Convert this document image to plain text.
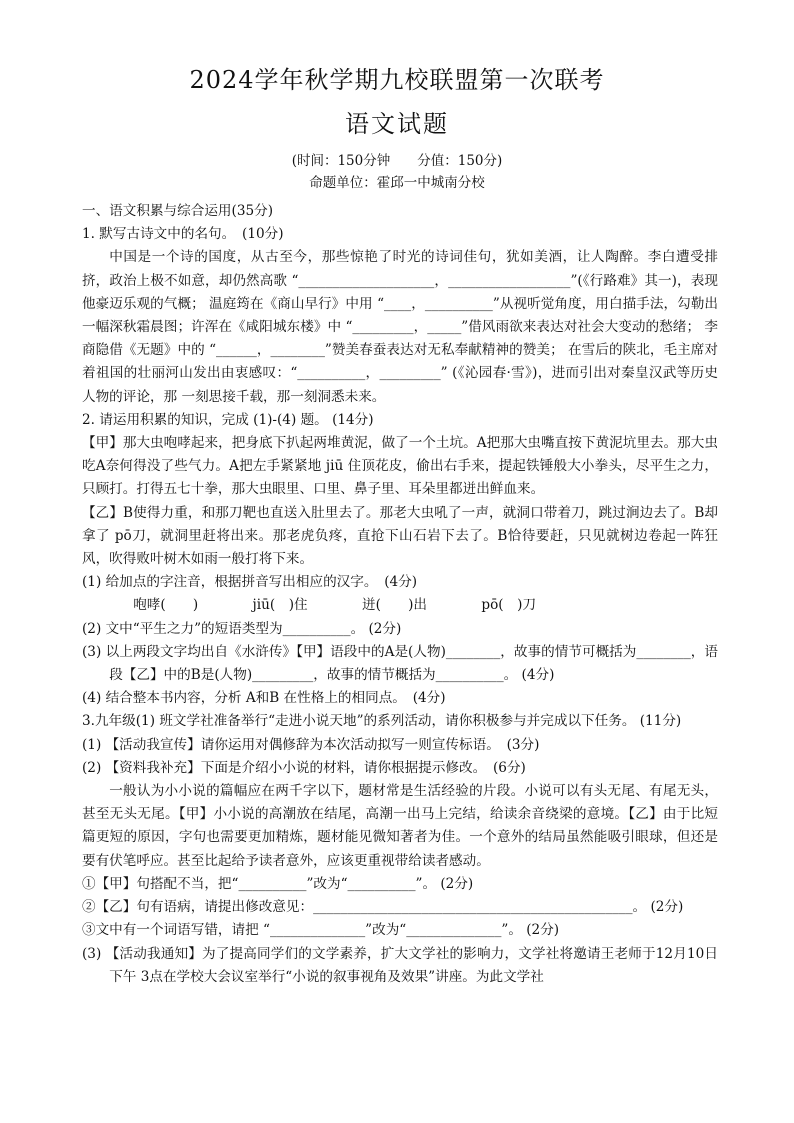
2024学年秋学期九校联盟第一次联考
语文试题
(时间：150分钟　　分值：150分)
命题单位：霍邱一中城南分校

一、语文积累与综合运用(35分)

1. 默写古诗文中的名句。　(10分)

中国是一个诗的国度，从古至今，那些惊艳了时光的诗词佳句，犹如美酒，让人陶醉。李白遭受排挤，政治上极不如意，却仍然高歌 “____________________，__________________”(《行路难》其一)，表现他豪迈乐观的气概； 温庭筠在《商山早行》中用 “____，__________”从视听觉角度，用白描手法，勾勒出一幅深秋霜晨图；许浑在《咸阳城东楼》中 “_________，_____”借风雨欲来表达对社会大变动的愁绪； 李商隐借《无题》中的 “______，________”赞美春蚕表达对无私奉献精神的赞美； 在雪后的陕北，毛主席对着祖国的壮丽河山发出由衷感叹：“__________，_________” (《沁园春·雪》)，进而引出对秦皇汉武等历史人物的评论，那 一刻思接千载，那一刻洞悉未来。

2. 请运用积累的知识，完成 (1)-(4) 题。 (14分)

【甲】那大虫咆哮起来，把身底下扒起两堆黄泥，做了一个土坑。A把那大虫嘴直按下黄泥坑里去。那大虫吃A奈何得没了些气力。A把左手紧紧地 jiū 住顶花皮，偷出右手来，提起铁锤般大小拳头，尽平生之力，只顾打。打得五七十拳，那大虫眼里、口里、鼻子里、耳朵里都迸出鲜血来。

【乙】B使得力重，和那刀靶也直送入肚里去了。那老大虫吼了一声，就洞口带着刀，跳过涧边去了。B却拿了 pō刀，就洞里赶将出来。那老虎负疼，直抢下山石岩下去了。B恰待要赶，只见就树边卷起一阵狂风，吹得败叶树木如雨一般打将下来。

(1) 给加点的字注音，根据拼音写出相应的汉字。　(4分)

咆哮(　　)　　　　jiū(　)住　　　　迸(　　)出　　　　pō(　)刀

(2) 文中“平生之力”的短语类型为__________。 (2分)

(3) 以上两段文字均出自《水浒传》【甲】语段中的A是(人物)________，故事的情节可概括为________，语段【乙】中的B是(人物)_________，故事的情节概括为__________。 (4分)

(4) 结合整本书内容，分析 A和B 在性格上的相同点。　(4分)

3.九年级(1) 班文学社准备举行“走进小说天地”的系列活动，请你积极参与并完成以下任务。 (11分)

(1) 【活动我宣传】请你运用对偶修辞为本次活动拟写一则宣传标语。　(3分)

(2) 【资料我补充】下面是介绍小小说的材料，请你根据提示修改。　(6分)

一般认为小小说的篇幅应在两千字以下，题材常是生活经验的片段。小说可以有头无尾、有尾无头，甚至无头无尾。【甲】小小说的高潮放在结尾，高潮一出马上完结，给读余音绕梁的意境。【乙】由于比短篇更短的原因，字句也需要更加精炼，题材能见微知著者为佳。一个意外的结局虽然能吸引眼球，但还是要有伏笔呼应。甚至比起给予读者意外，应该更重视带给读者感动。

①【甲】句搭配不当，把“__________”改为“__________”。 (2分)

②【乙】句有语病，请提出修改意见：_______________________________________________。 (2分)

③文中有一个词语写错，请把 “______________”改为“______________”。 (2分)

(3) 【活动我通知】为了提高同学们的文学素养，扩大文学社的影响力，文学社将邀请王老师于12月10日下午 3点在学校大会议室举行“小说的叙事视角及效果”讲座。为此文学社
